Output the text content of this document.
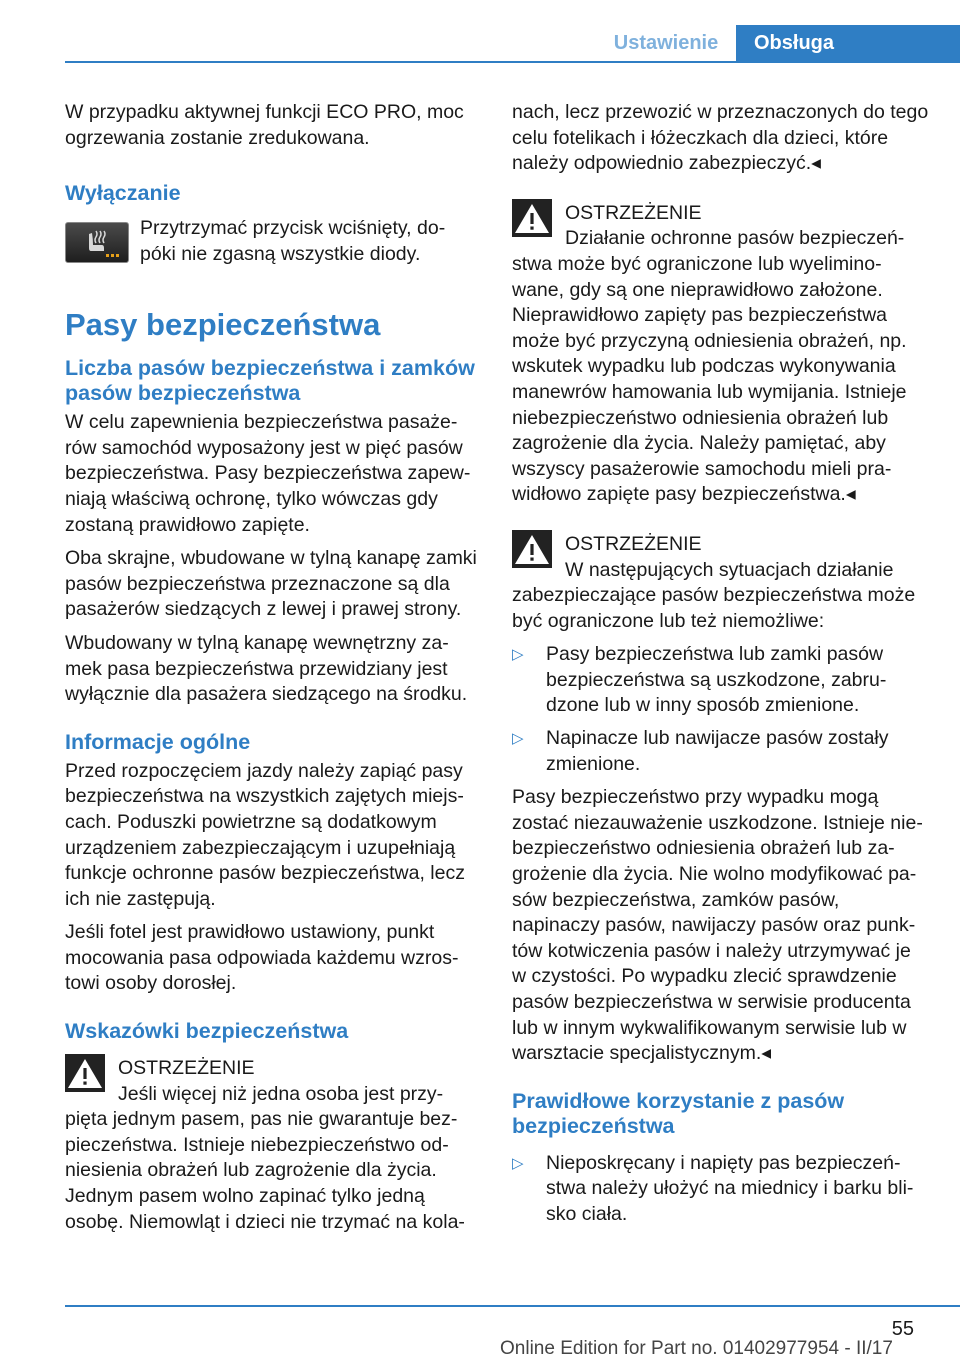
Ustawienie	Obsługa

W przypadku aktywnej funkcji ECO PRO, moc ogrzewania zostanie zredukowana.

Wyłączanie

Przytrzymać przycisk wciśnięty, do-póki nie zgasną wszystkie diody.

Pasy bezpieczeństwa
Liczba pasów bezpieczeństwa i zamków pasów bezpieczeństwa

W celu zapewnienia bezpieczeństwa pasaże-rów samochód wyposażony jest w pięć pasów bezpieczeństwa. Pasy bezpieczeństwa zapew-niają właściwą ochronę, tylko wówczas gdy zostaną prawidłowo zapięte.

Oba skrajne, wbudowane w tylną kanapę zamki pasów bezpieczeństwa przeznaczone są dla pasażerów siedzących z lewej i prawej strony.

Wbudowany w tylną kanapę wewnętrzny za-mek pasa bezpieczeństwa przewidziany jest wyłącznie dla pasażera siedzącego na środku.

Informacje ogólne

Przed rozpoczęciem jazdy należy zapiąć pasy bezpieczeństwa na wszystkich zajętych miejs-cach. Poduszki powietrzne są dodatkowym urządzeniem zabezpieczającym i uzupełniają funkcje ochronne pasów bezpieczeństwa, lecz ich nie zastępują.

Jeśli fotel jest prawidłowo ustawiony, punkt mocowania pasa odpowiada każdemu wzros-towi osoby dorosłej.

Wskazówki bezpieczeństwa

OSTRZEŻENIE

Jeśli więcej niż jedna osoba jest przy-

pięta jednym pasem, pas nie gwarantuje bez-pieczeństwa. Istnieje niebezpieczeństwo od-niesienia obrażeń lub zagrożenie dla życia. Jednym pasem wolno zapinać tylko jedną osobę. Niemowląt i dzieci nie trzymać na kola-

nach, lecz przewozić w przeznaczonych do tego celu fotelikach i łóżeczkach dla dzieci, które należy odpowiednio zabezpieczyć.◂

OSTRZEŻENIE

Działanie ochronne pasów bezpieczeń-

stwa może być ograniczone lub wyelimino-wane, gdy są one nieprawidłowo założone. Nieprawidłowo zapięty pas bezpieczeństwa może być przyczyną odniesienia obrażeń, np. wskutek wypadku lub podczas wykonywania manewrów hamowania lub wymijania. Istnieje niebezpieczeństwo odniesienia obrażeń lub zagrożenie dla życia. Należy pamiętać, aby wszyscy pasażerowie samochodu mieli pra-widłowo zapięte pasy bezpieczeństwa.◂

OSTRZEŻENIE

W następujących sytuacjach działanie

zabezpieczające pasów bezpieczeństwa może być ograniczone lub też niemożliwe:

▷ Pasy bezpieczeństwa lub zamki pasów bezpieczeństwa są uszkodzone, zabru-dzone lub w inny sposób zmienione.
▷ Napinacze lub nawijacze pasów zostały zmienione.

Pasy bezpieczeństwo przy wypadku mogą zostać niezauważenie uszkodzone. Istnieje nie-bezpieczeństwo odniesienia obrażeń lub za-grożenie dla życia. Nie wolno modyfikować pa-sów bezpieczeństwa, zamków pasów, napinaczy pasów, nawijaczy pasów oraz punk-tów kotwiczenia pasów i należy utrzymywać je w czystości. Po wypadku zlecić sprawdzenie pasów bezpieczeństwa w serwisie producenta lub w innym wykwalifikowanym serwisie lub w warsztacie specjalistycznym.◂

Prawidłowe korzystanie z pasów bezpieczeństwa
▷ Nieposkręcany i napięty pas bezpieczeń-stwa należy ułożyć na miednicy i barku bli-sko ciała.
55
Online Edition for Part no. 01402977954 - II/17
